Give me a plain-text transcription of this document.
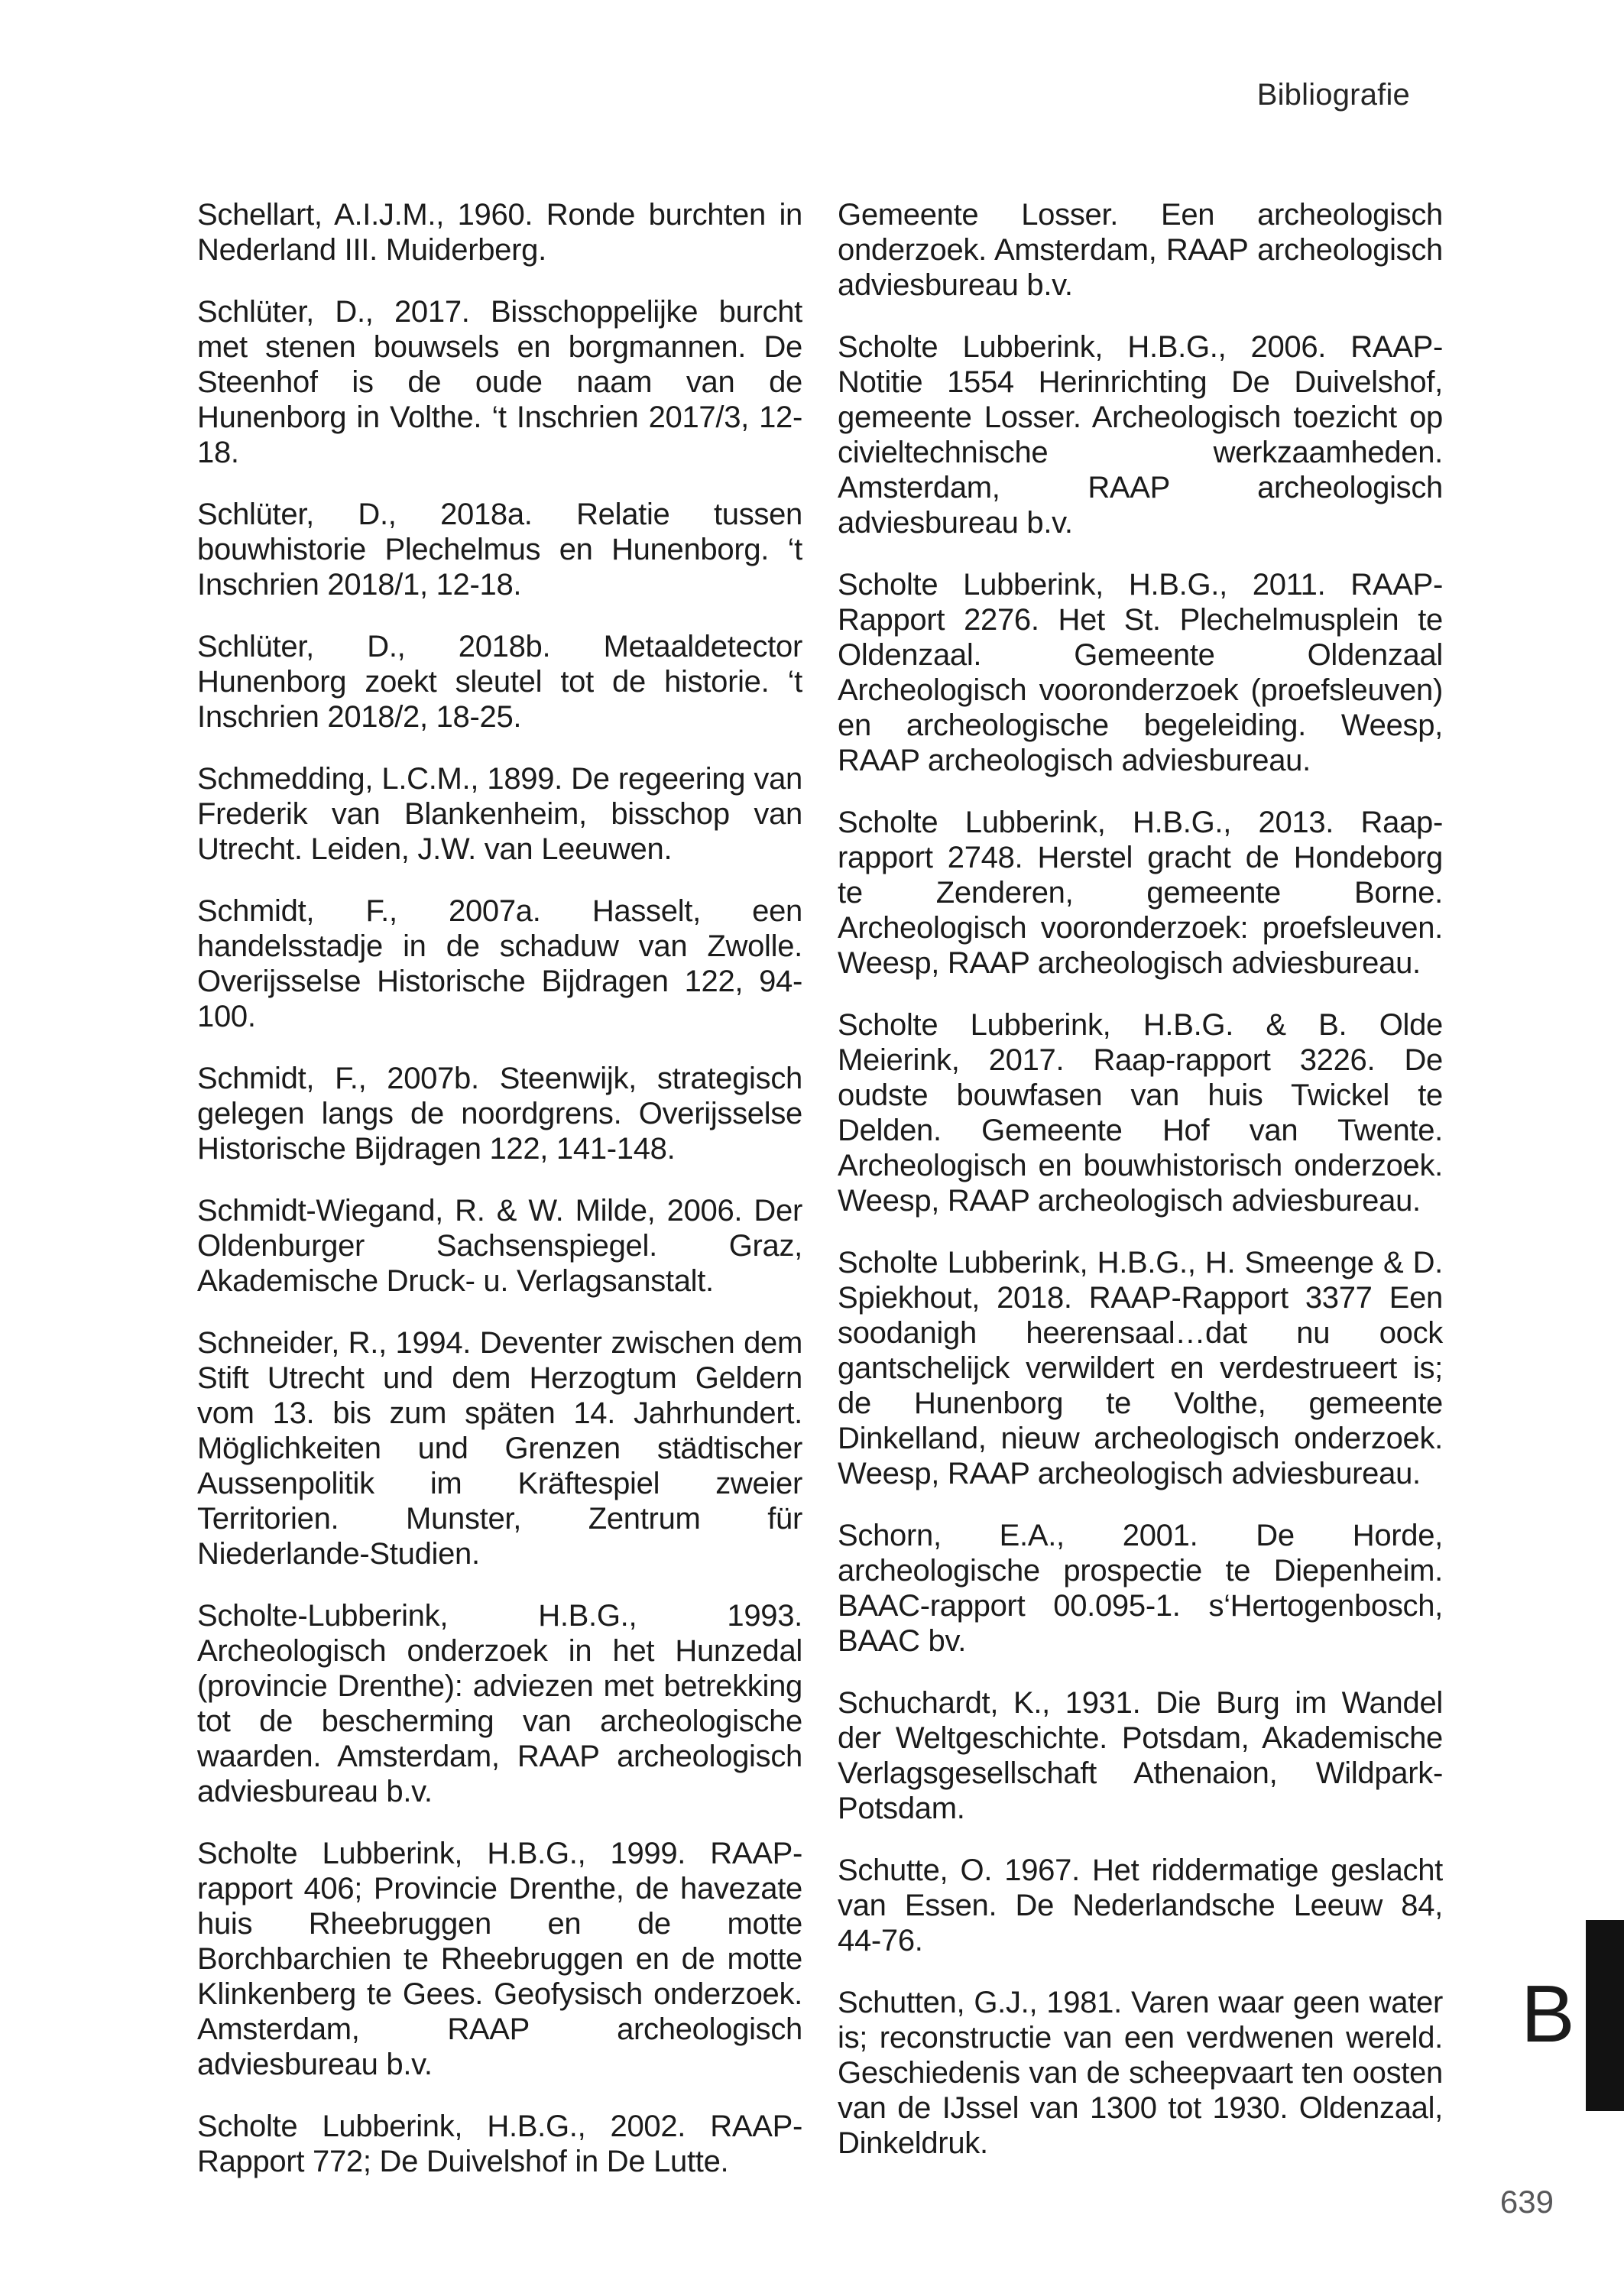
Bibliografie

Schellart, A.I.J.M., 1960. Ronde burchten in Nederland III. Muiderberg.

Schlüter, D., 2017. Bisschoppelijke burcht met stenen bouwsels en borgmannen. De Steenhof is de oude naam van de Hunenborg in Volthe. ‘t Inschrien 2017/3, 12-18.

Schlüter, D., 2018a. Relatie tussen bouwhistorie Plechelmus en Hunenborg. ‘t Inschrien 2018/1, 12-18.

Schlüter, D., 2018b. Metaaldetector Hunenborg zoekt sleutel tot de historie. ‘t Inschrien 2018/2, 18-25.

Schmedding, L.C.M., 1899. De regeering van Frederik van Blankenheim, bisschop van Utrecht. Leiden, J.W. van Leeuwen.

Schmidt, F., 2007a. Hasselt, een handelsstadje in de schaduw van Zwolle. Overijsselse Historische Bijdragen 122, 94-100.

Schmidt, F., 2007b. Steenwijk, strategisch gelegen langs de noordgrens. Overijsselse Historische Bijdragen 122, 141-148.

Schmidt-Wiegand, R. & W. Milde, 2006. Der Oldenburger Sachsenspiegel. Graz, Akademische Druck- u. Verlagsanstalt.

Schneider, R., 1994. Deventer zwischen dem Stift Utrecht und dem Herzogtum Geldern vom 13. bis zum späten 14. Jahrhundert. Möglichkeiten und Grenzen städtischer Aussenpolitik im Kräftespiel zweier Territorien. Munster, Zentrum für Niederlande-Studien.

Scholte-Lubberink, H.B.G., 1993. Archeologisch onderzoek in het Hunzedal (provincie Drenthe): adviezen met betrekking tot de bescherming van archeologische waarden. Amsterdam, RAAP archeologisch adviesbureau b.v.

Scholte Lubberink, H.B.G., 1999. RAAP-rapport 406; Provincie Drenthe, de havezate huis Rheebruggen en de motte Borchbarchien te Rheebruggen en de motte Klinkenberg te Gees. Geofysisch onderzoek. Amsterdam, RAAP archeologisch adviesbureau b.v.

Scholte Lubberink, H.B.G., 2002. RAAP-Rapport 772; De Duivelshof in De Lutte.

Gemeente Losser. Een archeologisch onderzoek. Amsterdam, RAAP archeologisch adviesbureau b.v.

Scholte Lubberink, H.B.G., 2006. RAAP-Notitie 1554 Herinrichting De Duivelshof, gemeente Losser. Archeologisch toezicht op civieltechnische werkzaamheden. Amsterdam, RAAP archeologisch adviesbureau b.v.

Scholte Lubberink, H.B.G., 2011. RAAP-Rapport 2276. Het St. Plechelmusplein te Oldenzaal. Gemeente Oldenzaal Archeologisch vooronderzoek (proefsleuven) en archeologische begeleiding. Weesp, RAAP archeologisch adviesbureau.

Scholte Lubberink, H.B.G., 2013. Raap-rapport 2748. Herstel gracht de Hondeborg te Zenderen, gemeente Borne. Archeologisch vooronderzoek: proefsleuven. Weesp, RAAP archeologisch adviesbureau.

Scholte Lubberink, H.B.G. & B. Olde Meierink, 2017. Raap-rapport 3226. De oudste bouwfasen van huis Twickel te Delden. Gemeente Hof van Twente. Archeologisch en bouwhistorisch onderzoek. Weesp, RAAP archeologisch adviesbureau.

Scholte Lubberink, H.B.G., H. Smeenge & D. Spiekhout, 2018. RAAP-Rapport 3377 Een soodanigh heerensaal…dat nu oock gantschelijck verwildert en verdestrueert is; de Hunenborg te Volthe, gemeente Dinkelland, nieuw archeologisch onderzoek. Weesp, RAAP archeologisch adviesbureau.

Schorn, E.A., 2001. De Horde, archeologische prospectie te Diepenheim. BAAC-rapport 00.095-1. s‘Hertogenbosch, BAAC bv.

Schuchardt, K., 1931. Die Burg im Wandel der Weltgeschichte. Potsdam, Akademische Verlagsgesellschaft Athenaion, Wildpark-Potsdam.

Schutte, O. 1967. Het riddermatige geslacht van Essen. De Nederlandsche Leeuw 84, 44-76.

Schutten, G.J., 1981. Varen waar geen water is; reconstructie van een verdwenen wereld. Geschiedenis van de scheepvaart ten oosten van de IJssel van 1300 tot 1930. Oldenzaal, Dinkeldruk.

B
639
